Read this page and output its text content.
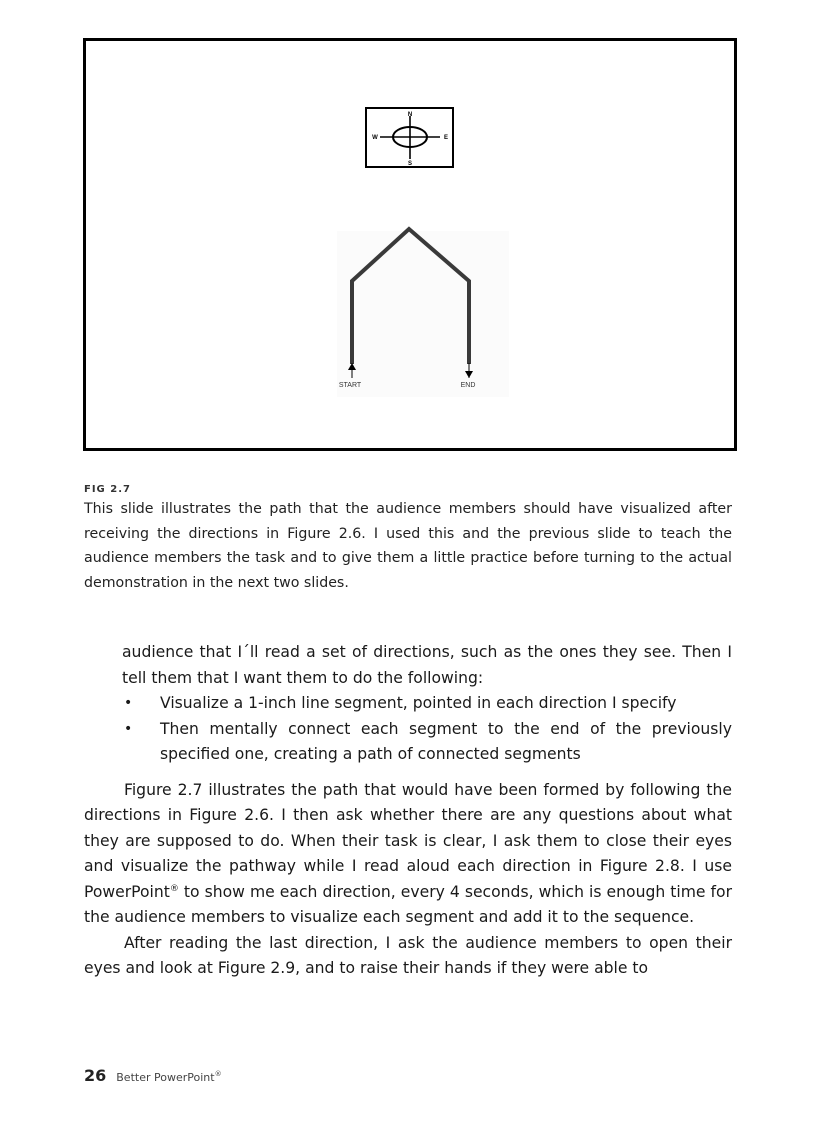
N
S
W	E
START	END
FIG 2.7

This slide illustrates the path that the audience members should have visualized after receiving the directions in Figure 2.6. I used this and the previous slide to teach the audience members the task and to give them a little practice before turning to the actual demonstration in the next two slides.

audience that I´ll read a set of directions, such as the ones they see. Then I tell them that I want them to do the following:

• Visualize a 1-inch line segment, pointed in each direction I specify
• Then mentally connect each segment to the end of the previously specified one, creating a path of connected segments

Figure 2.7 illustrates the path that would have been formed by following the directions in Figure 2.6. I then ask whether there are any questions about what they are supposed to do. When their task is clear, I ask them to close their eyes and visualize the pathway while I read aloud each direction in Figure 2.8. I use PowerPoint® to show me each direction, every 4 seconds, which is enough time for the audience members to visualize each segment and add it to the sequence.

After reading the last direction, I ask the audience members to open their eyes and look at Figure 2.9, and to raise their hands if they were able to

26 Better PowerPoint®
